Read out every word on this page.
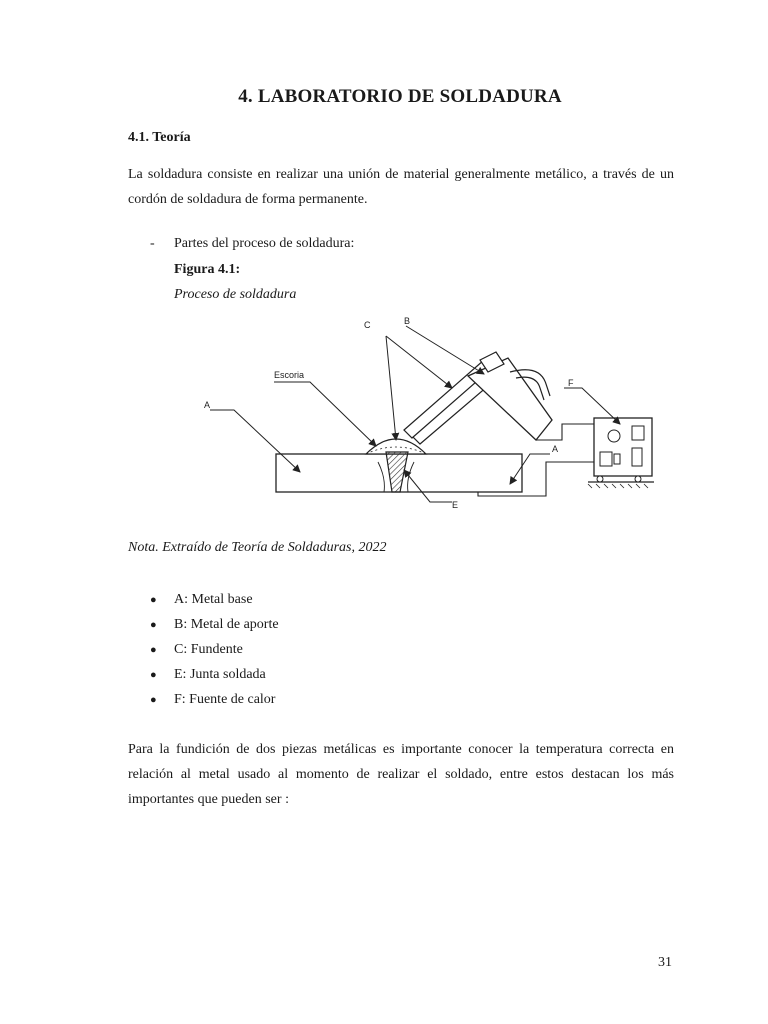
4. LABORATORIO DE SOLDADURA
4.1. Teoría
La soldadura consiste en realizar una unión de material generalmente metálico, a través de un cordón de soldadura de forma permanente.
- Partes del proceso de soldadura:
Figura 4.1:
Proceso de soldadura
A
Escoria
C	B
A
E
F
Nota. Extraído de Teoría de Soldaduras, 2022
● A: Metal base
● B: Metal de aporte
● C: Fundente
● E: Junta soldada
● F: Fuente de calor
Para la fundición de dos piezas metálicas es importante conocer la temperatura correcta en relación al metal usado al momento de realizar el soldado, entre estos destacan los más importantes que pueden ser :
31
